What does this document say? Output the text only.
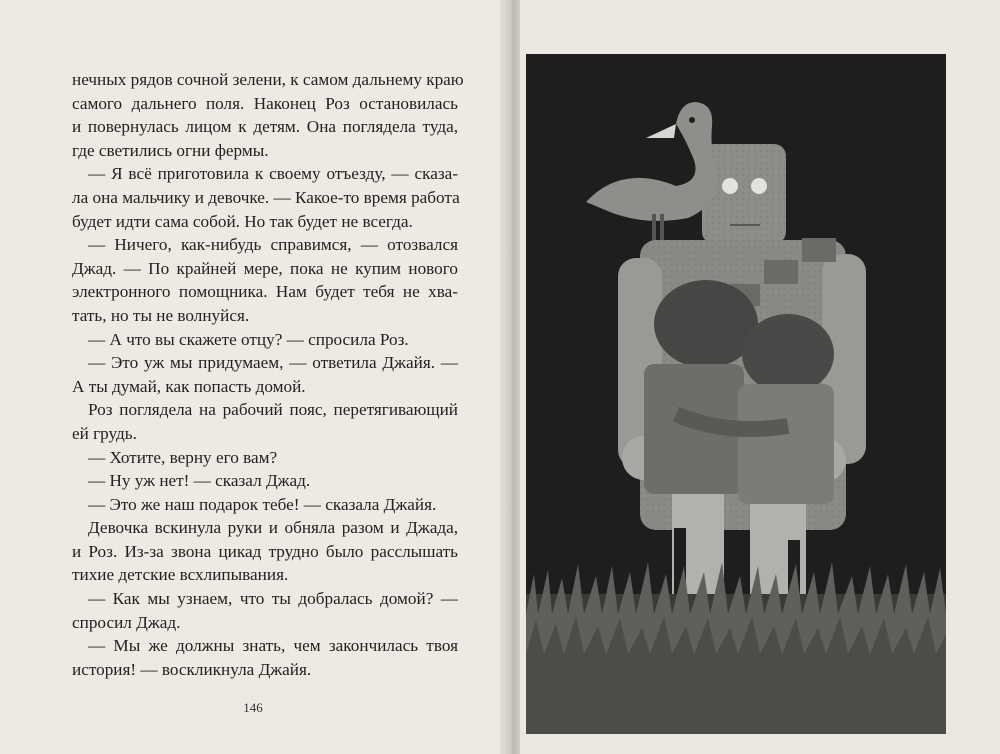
нечных рядов сочной зелени, к самом дальнему краю
самого дальнего поля. Наконец Роз остановилась
и повернулась лицом к детям. Она поглядела туда,
где светились огни фермы.
— Я всё приготовила к своему отъезду, — сказа-
ла она мальчику и девочке. — Какое-то время работа
будет идти сама собой. Но так будет не всегда.
— Ничего, как-нибудь справимся, — отозвался
Джад. — По крайней мере, пока не купим нового
электронного помощника. Нам будет тебя не хва-
тать, но ты не волнуйся.
— А что вы скажете отцу? — спросила Роз.
— Это уж мы придумаем, — ответила Джайя. —
А ты думай, как попасть домой.
Роз поглядела на рабочий пояс, перетягивающий
ей грудь.
— Хотите, верну его вам?
— Ну уж нет! — сказал Джад.
— Это же наш подарок тебе! — сказала Джайя.
Девочка вскинула руки и обняла разом и Джада,
и Роз. Из-за звона цикад трудно было расслышать
тихие детские всхлипывания.
— Как мы узнаем, что ты добралась домой? —
спросил Джад.
— Мы же должны знать, чем закончилась твоя
история! — воскликнула Джайя.
146
